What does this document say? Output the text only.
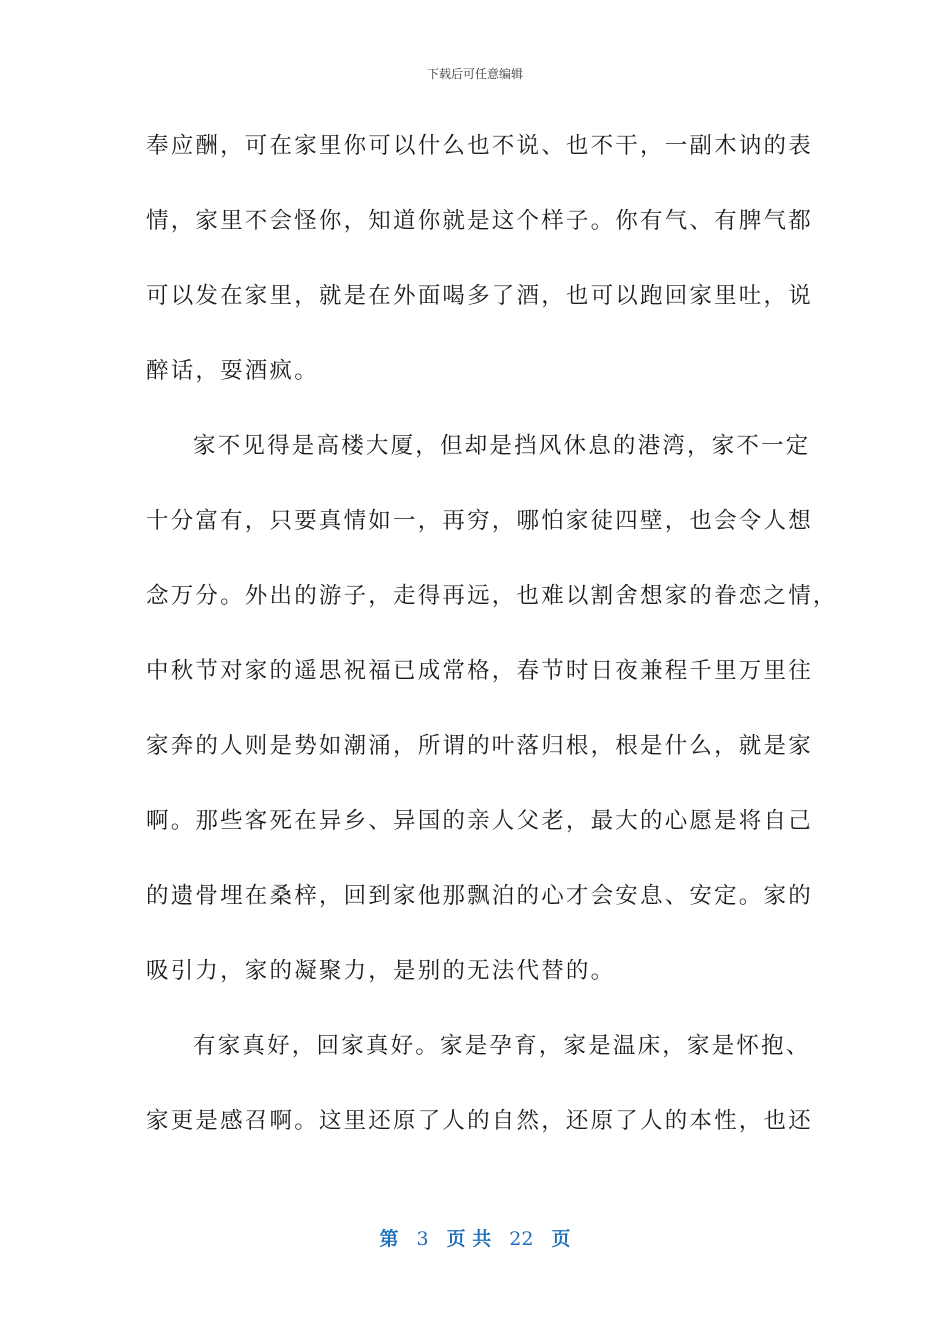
下载后可任意编辑
奉应酬，可在家里你可以什么也不说、也不干，一副木讷的表
情，家里不会怪你，知道你就是这个样子。你有气、有脾气都
可以发在家里，就是在外面喝多了酒，也可以跑回家里吐，说
醉话，耍酒疯。
家不见得是高楼大厦，但却是挡风休息的港湾，家不一定
十分富有，只要真情如一，再穷，哪怕家徒四壁，也会令人想
念万分。外出的游子，走得再远，也难以割舍想家的眷恋之情，
中秋节对家的遥思祝福已成常格，春节时日夜兼程千里万里往
家奔的人则是势如潮涌，所谓的叶落归根，根是什么，就是家
啊。那些客死在异乡、异国的亲人父老，最大的心愿是将自己
的遗骨埋在桑梓，回到家他那飘泊的心才会安息、安定。家的
吸引力，家的凝聚力，是别的无法代替的。
有家真好，回家真好。家是孕育，家是温床，家是怀抱、
家更是感召啊。这里还原了人的自然，还原了人的本性，也还
第 3 页 共 22 页
